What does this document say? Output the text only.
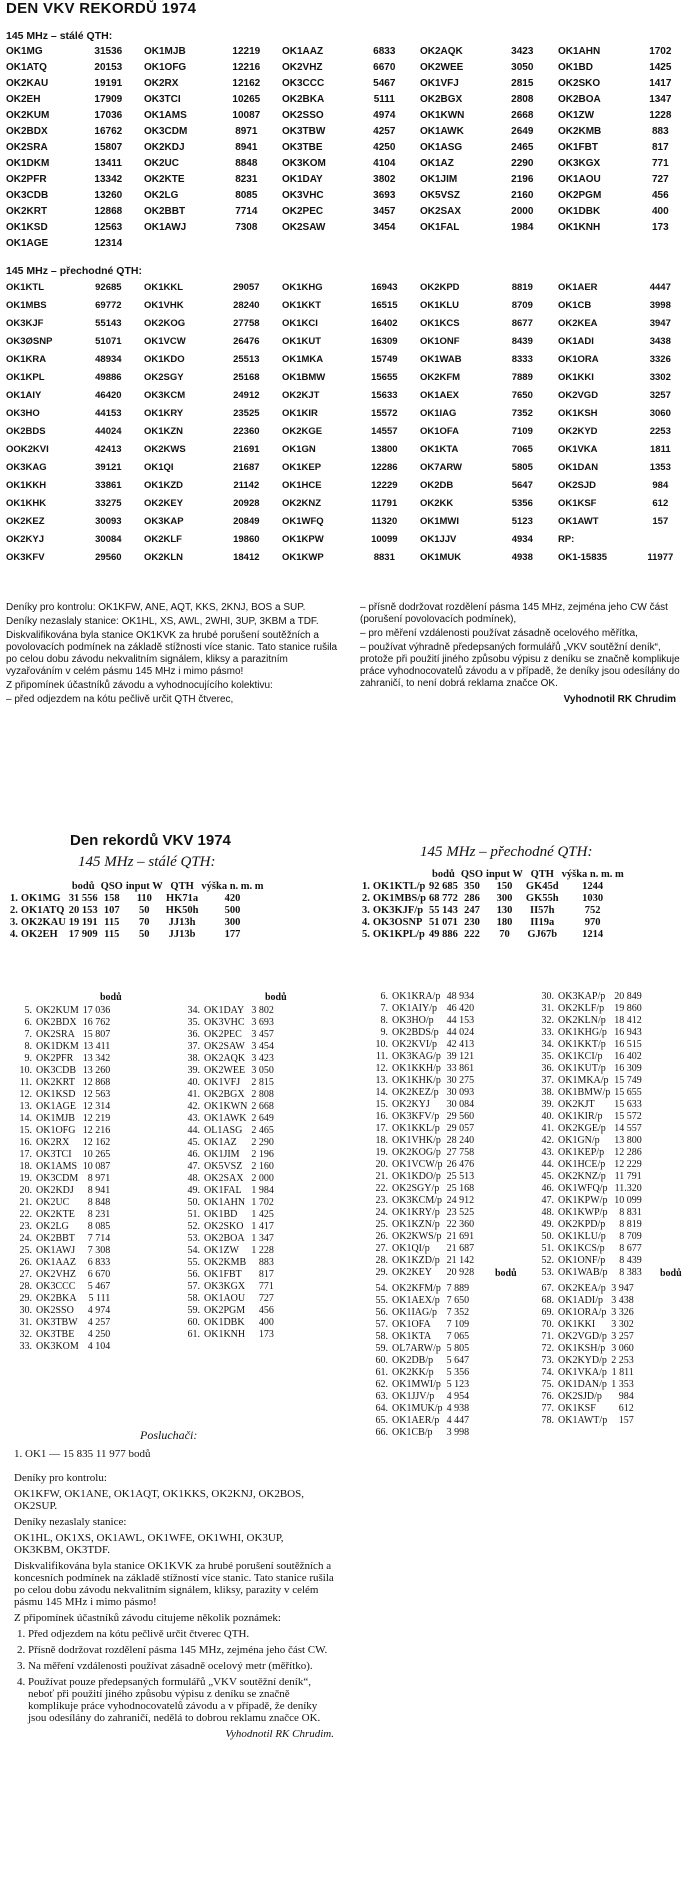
DEN VKV REKORDŮ 1974
145 MHz – stálé QTH:
OK1MG	31536	OK1MJB	12219	OK1AAZ	6833	OK2AQK	3423	OK1AHN	1702
OK1ATQ	20153	OK1OFG	12216	OK2VHZ	6670	OK2WEE	3050	OK1BD	1425
OK2KAU	19191	OK2RX	12162	OK3CCC	5467	OK1VFJ	2815	OK2SKO	1417
OK2EH	17909	OK3TCI	10265	OK2BKA	5111	OK2BGX	2808	OK2BOA	1347
OK2KUM	17036	OK1AMS	10087	OK2SSO	4974	OK1KWN	2668	OK1ZW	1228
OK2BDX	16762	OK3CDM	8971	OK3TBW	4257	OK1AWK	2649	OK2KMB	883
OK2SRA	15807	OK2KDJ	8941	OK3TBE	4250	OK1ASG	2465	OK1FBT	817
OK1DKM	13411	OK2UC	8848	OK3KOM	4104	OK1AZ	2290	OK3KGX	771
OK2PFR	13342	OK2KTE	8231	OK1DAY	3802	OK1JIM	2196	OK1AOU	727
OK3CDB	13260	OK2LG	8085	OK3VHC	3693	OK5VSZ	2160	OK2PGM	456
OK2KRT	12868	OK2BBT	7714	OK2PEC	3457	OK2SAX	2000	OK1DBK	400
OK1KSD	12563	OK1AWJ	7308	OK2SAW	3454	OK1FAL	1984	OK1KNH	173
OK1AGE	12314								
145 MHz – přechodné QTH:
OK1KTL	92685	OK1KKL	29057	OK1KHG	16943	OK2KPD	8819	OK1AER	4447
OK1MBS	69772	OK1VHK	28240	OK1KKT	16515	OK1KLU	8709	OK1CB	3998
OK3KJF	55143	OK2KOG	27758	OK1KCI	16402	OK1KCS	8677	OK2KEA	3947
OK3ØSNP	51071	OK1VCW	26476	OK1KUT	16309	OK1ONF	8439	OK1ADI	3438
OK1KRA	48934	OK1KDO	25513	OK1MKA	15749	OK1WAB	8333	OK1ORA	3326
OK1KPL	49886	OK2SGY	25168	OK1BMW	15655	OK2KFM	7889	OK1KKI	3302
OK1AIY	46420	OK3KCM	24912	OK2KJT	15633	OK1AEX	7650	OK2VGD	3257
OK3HO	44153	OK1KRY	23525	OK1KIR	15572	OK1IAG	7352	OK1KSH	3060
OK2BDS	44024	OK1KZN	22360	OK2KGE	14557	OK1OFA	7109	OK2KYD	2253
OOK2KVI	42413	OK2KWS	21691	OK1GN	13800	OK1KTA	7065	OK1VKA	1811
OK3KAG	39121	OK1QI	21687	OK1KEP	12286	OK7ARW	5805	OK1DAN	1353
OK1KKH	33861	OK1KZD	21142	OK1HCE	12229	OK2DB	5647	OK2SJD	984
OK1KHK	33275	OK2KEY	20928	OK2KNZ	11791	OK2KK	5356	OK1KSF	612
OK2KEZ	30093	OK3KAP	20849	OK1WFQ	11320	OK1MWI	5123	OK1AWT	157
OK2KYJ	30084	OK2KLF	19860	OK1KPW	10099	OK1JJV	4934	RP:	
OK3KFV	29560	OK2KLN	18412	OK1KWP	8831	OK1MUK	4938	OK1-15835	11977

Deníky pro kontrolu: OK1KFW, ANE, AQT, KKS, 2KNJ, BOS a SUP.

Deníky nezaslaly stanice: OK1HL, XS, AWL, 2WHI, 3UP, 3KBM a TDF.

Diskvalifikována byla stanice OK1KVK za hrubé porušení soutěžních a povolovacích podmínek na základě stížnosti více stanic. Tato stanice rušila po celou dobu závodu nekvalitním signálem, kliksy a parazitním vyzařováním v celém pásmu 145 MHz i mimo pásmo!

Z připomínek účastníků závodu a vyhodnocujícího kolektivu:

– před odjezdem na kótu pečlivě určit QTH čtverec,

– přísně dodržovat rozdělení pásma 145 MHz, zejména jeho CW část (porušení povolovacích podmínek),

– pro měření vzdálenosti používat zásadně ocelového měřítka,

– používat výhradně předepsaných formulářů „VKV soutěžní deník“, protože při použití jiného způsobu výpisu z deníku se značně komplikuje práce vyhodnocovatelů závodu a v případě, že deníky jsou odesílány do zahraničí, to není dobrá reklama značce OK.

Vyhodnotil RK Chrudim
Den rekordů VKV 1974
145 MHz – stálé QTH:
145 MHz – přechodné QTH:
		bodů	QSO	input W	QTH	výška n. m. m
1.	OK1MG	31 556	158	110	HK71a	420
2.	OK1ATQ	20 153	107	50	HK50h	500
3.	OK2KAU	19 191	115	70	JJ13h	300
4.	OK2EH	17 909	115	50	JJ13b	177
		bodů	QSO	input W	QTH	výška n. m. m
1.	OK1KTL/p	92 685	350	150	GK45d	1244
2.	OK1MBS/p	68 772	286	300	GK55h	1030
3.	OK3KJF/p	55 143	247	130	II57h	752
4.	OK3OSNP	51 071	230	180	II19a	970
5.	OK1KPL/p	49 886	222	70	GJ67b	1214
bodů	bodů
bodů	bodů
5.	OK2KUM	17 036
6.	OK2BDX	16 762
7.	OK2SRA	15 807
8.	OK1DKM	13 411
9.	OK2PFR	13 342
10.	OK3CDB	13 260
11.	OK2KRT	12 868
12.	OK1KSD	12 563
13.	OK1AGE	12 314
14.	OK1MJB	12 219
15.	OK1OFG	12 216
16.	OK2RX	12 162
17.	OK3TCI	10 265
18.	OK1AMS	10 087
19.	OK3CDM	8 971
20.	OK2KDJ	8 941
21.	OK2UC	8 848
22.	OK2KTE	8 231
23.	OK2LG	8 085
24.	OK2BBT	7 714
25.	OK1AWJ	7 308
26.	OK1AAZ	6 833
27.	OK2VHZ	6 670
28.	OK3CCC	5 467
29.	OK2BKA	5 111
30.	OK2SSO	4 974
31.	OK3TBW	4 257
32.	OK3TBE	4 250
33.	OK3KOM	4 104
34.	OK1DAY	3 802
35.	OK3VHC	3 693
36.	OK2PEC	3 457
37.	OK2SAW	3 454
38.	OK2AQK	3 423
39.	OK2WEE	3 050
40.	OK1VFJ	2 815
41.	OK2BGX	2 808
42.	OK1KWN	2 668
43.	OK1AWK	2 649
44.	OL1ASG	2 465
45.	OK1AZ	2 290
46.	OK1JIM	2 196
47.	OK5VSZ	2 160
48.	OK2SAX	2 000
49.	OK1FAL	1 984
50.	OK1AHN	1 702
51.	OK1BD	1 425
52.	OK2SKO	1 417
53.	OK2BOA	1 347
54.	OK1ZW	1 228
55.	OK2KMB	883
56.	OK1FBT	817
57.	OK3KGX	771
58.	OK1AOU	727
59.	OK2PGM	456
60.	OK1DBK	400
61.	OK1KNH	173
6.	OK1KRA/p	48 934
7.	OK1AIY/p	46 420
8.	OK3HO/p	44 153
9.	OK2BDS/p	44 024
10.	OK2KVI/p	42 413
11.	OK3KAG/p	39 121
12.	OK1KKH/p	33 861
13.	OK1KHK/p	30 275
14.	OK2KEZ/p	30 093
15.	OK2KYJ	30 084
16.	OK3KFV/p	29 560
17.	OK1KKL/p	29 057
18.	OK1VHK/p	28 240
19.	OK2KOG/p	27 758
20.	OK1VCW/p	26 476
21.	OK1KDO/p	25 513
22.	OK2SGY/p	25 168
23.	OK3KCM/p	24 912
24.	OK1KRY/p	23 525
25.	OK1KZN/p	22 360
26.	OK2KWS/p	21 691
27.	OK1QI/p	21 687
28.	OK1KZD/p	21 142
29.	OK2KEY	20 928
30.	OK3KAP/p	20 849
31.	OK2KLF/p	19 860
32.	OK2KLN/p	18 412
33.	OK1KHG/p	16 943
34.	OK1KKT/p	16 515
35.	OK1KCI/p	16 402
36.	OK1KUT/p	16 309
37.	OK1MKA/p	15 749
38.	OK1BMW/p	15 655
39.	OK2KJT	15 633
40.	OK1KIR/p	15 572
41.	OK2KGE/p	14 557
42.	OK1GN/p	13 800
43.	OK1KEP/p	12 286
44.	OK1HCE/p	12 229
45.	OK2KNZ/p	11 791
46.	OK1WFQ/p	11.320
47.	OK1KPW/p	10 099
48.	OK1KWP/p	8 831
49.	OK2KPD/p	8 819
50.	OK1KLU/p	8 709
51.	OK1KCS/p	8 677
52.	OK1ONF/p	8 439
53.	OK1WAB/p	8 383
54.	OK2KFM/p	7 889
55.	OK1AEX/p	7 650
56.	OK1IAG/p	7 352
57.	OK1OFA	7 109
58.	OK1KTA	7 065
59.	OL7ARW/p	5 805
60.	OK2DB/p	5 647
61.	OK2KK/p	5 356
62.	OK1MWI/p	5 123
63.	OK1JJV/p	4 954
64.	OK1MUK/p	4 938
65.	OK1AER/p	4 447
66.	OK1CB/p	3 998
67.	OK2KEA/p	3 947
68.	OK1ADI/p	3 438
69.	OK1ORA/p	3 326
70.	OK1KKI	3 302
71.	OK2VGD/p	3 257
72.	OK1KSH/p	3 060
73.	OK2KYD/p	2 253
74.	OK1VKA/p	1 811
75.	OK1DAN/p	1 353
76.	OK2SJD/p	984
77.	OK1KSF	612
78.	OK1AWT/p	157
Posluchači:
1. OK1 — 15 835 11 977 bodů

Deníky pro kontrolu:

OK1KFW, OK1ANE, OK1AQT, OK1KKS, OK2KNJ, OK2BOS, OK2SUP.

Deníky nezaslaly stanice:

OK1HL, OK1XS, OK1AWL, OK1WFE, OK1WHI, OK3UP, OK3KBM, OK3TDF.

Diskvalifikována byla stanice OK1KVK za hrubé porušení soutěžních a koncesních podmínek na základě stížností více stanic. Tato stanice rušila po celou dobu závodu nekvalitním signálem, kliksy, parazity v celém pásmu 145 MHz i mimo pásmo!

Z připomínek účastníků závodu citujeme několik poznámek:

1. Před odjezdem na kótu pečlivě určit čtverec QTH.
2. Přísně dodržovat rozdělení pásma 145 MHz, zejména jeho část CW.
3. Na měření vzdálenosti používat zásadně ocelový metr (měřítko).
4. Používat pouze předepsaných formulářů „VKV soutěžní deník“, neboť při použití jiného způsobu výpisu z deníku se značně komplikuje práce vyhodnocovatelů závodu a v případě, že deníky jsou odesílány do zahraničí, nedělá to dobrou reklamu značce OK.
Vyhodnotil RK Chrudim.
